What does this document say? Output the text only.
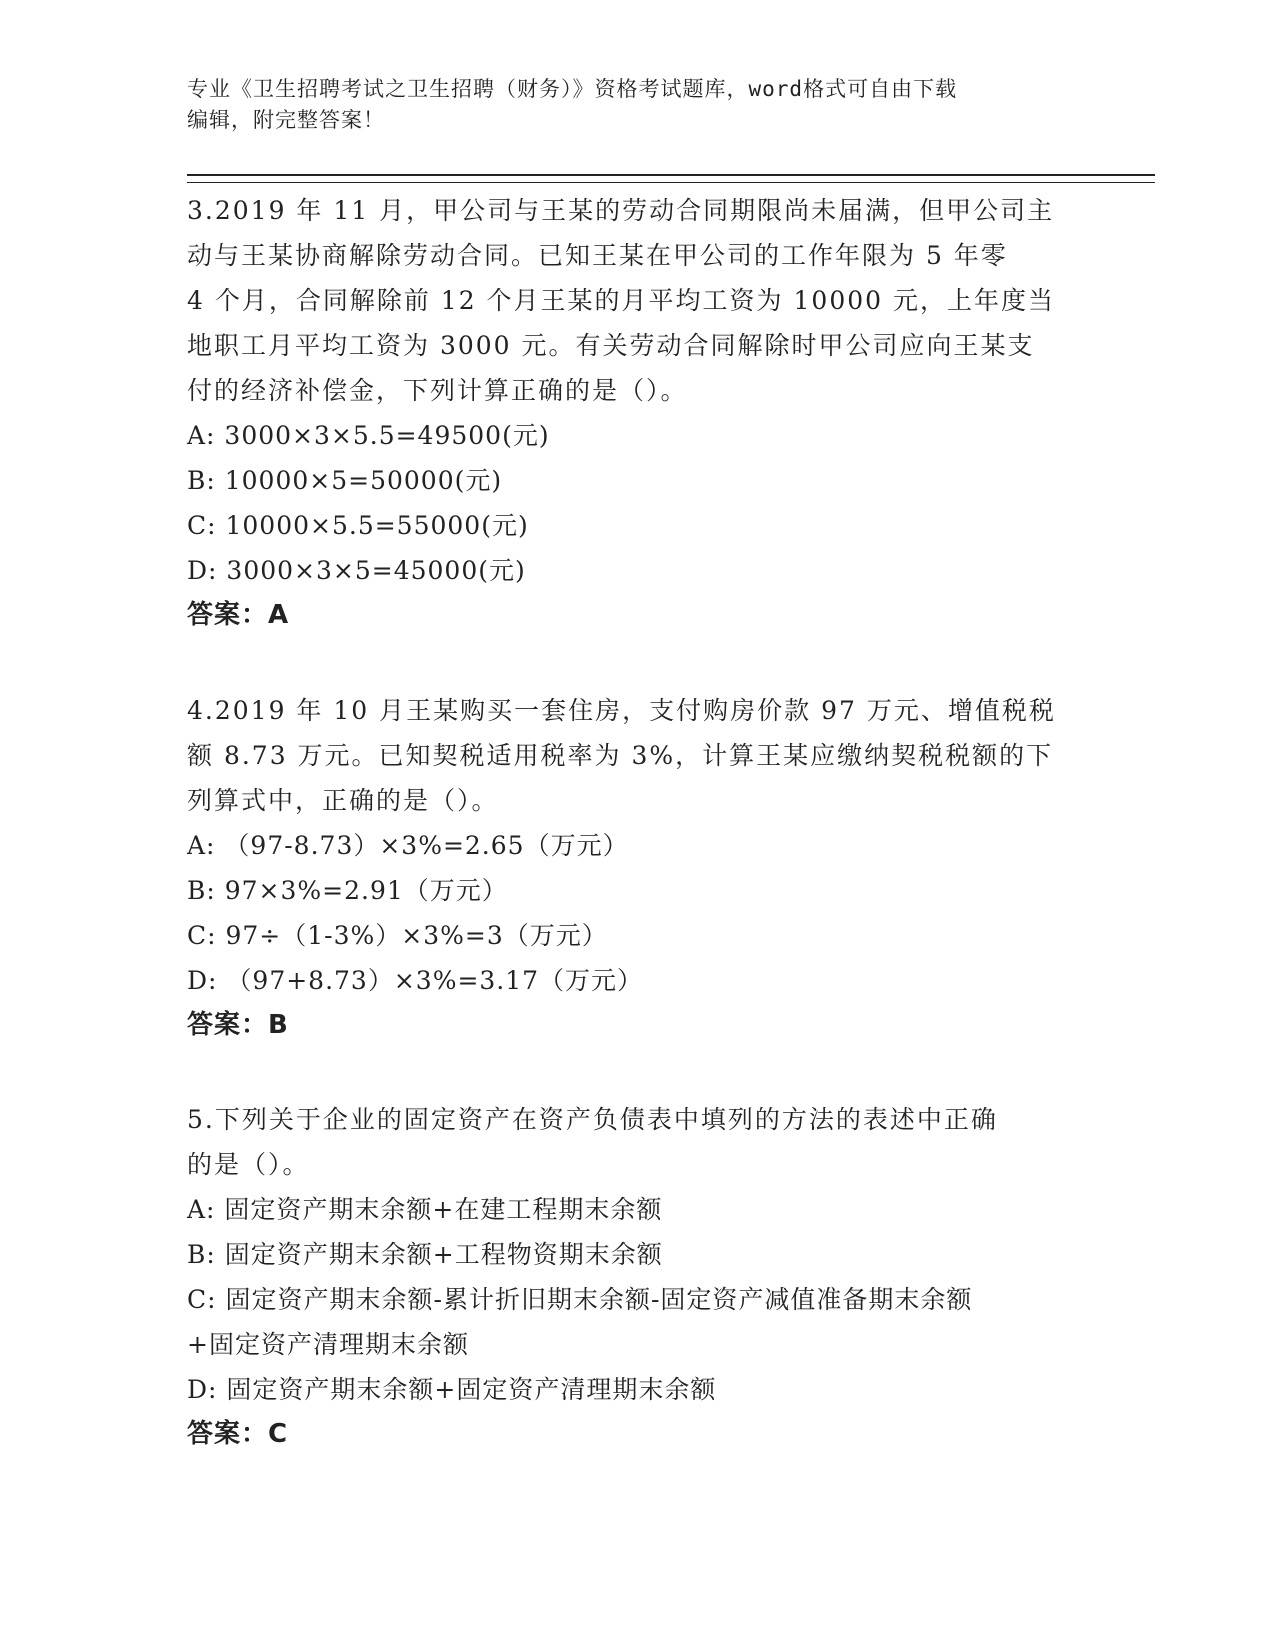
专业《卫生招聘考试之卫生招聘（财务）》资格考试题库，word格式可自由下载
编辑，附完整答案！

3.2019 年 11 月，甲公司与王某的劳动合同期限尚未届满，但甲公司主

动与王某协商解除劳动合同。已知王某在甲公司的工作年限为 5 年零

4 个月，合同解除前 12 个月王某的月平均工资为 10000 元，上年度当

地职工月平均工资为 3000 元。有关劳动合同解除时甲公司应向王某支

付的经济补偿金，下列计算正确的是（）。

A: 3000×3×5.5=49500(元)

B: 10000×5=50000(元)

C: 10000×5.5=55000(元)

D: 3000×3×5=45000(元)

答案：A

4.2019 年 10 月王某购买一套住房，支付购房价款 97 万元、增值税税

额 8.73 万元。已知契税适用税率为 3%，计算王某应缴纳契税税额的下

列算式中，正确的是（）。

A: （97-8.73）×3%=2.65（万元）

B: 97×3%=2.91（万元）

C: 97÷（1-3%）×3%=3（万元）

D: （97+8.73）×3%=3.17（万元）

答案：B

5.下列关于企业的固定资产在资产负债表中填列的方法的表述中正确

的是（）。

A: 固定资产期末余额+在建工程期末余额

B: 固定资产期末余额+工程物资期末余额

C: 固定资产期末余额-累计折旧期末余额-固定资产减值准备期末余额

+固定资产清理期末余额

D: 固定资产期末余额+固定资产清理期末余额

答案：C
